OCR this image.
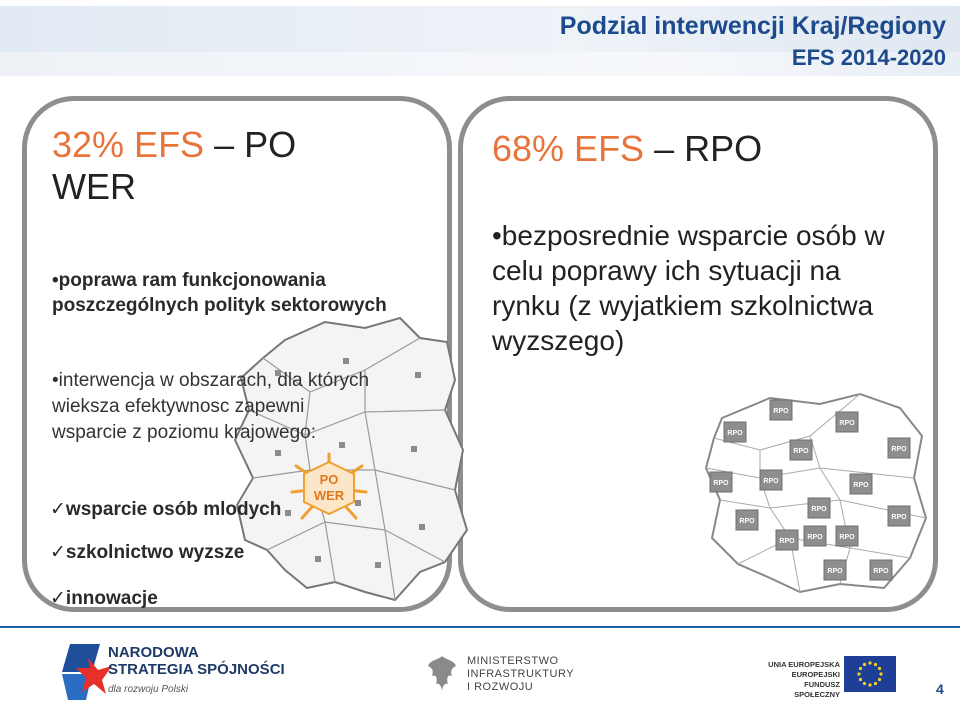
Podzial interwencji Kraj/Regiony
EFS 2014-2020
PO
WER
32% EFS – PO WER
•poprawa ram funkcjonowania poszczególnych polityk sektorowych
•interwencja w obszarach, dla których wieksza efektywnosc zapewni wsparcie z poziomu krajowego:
✓wsparcie osób mlodych
✓szkolnictwo wyzsze
✓innowacje
68% EFS – RPO
•bezposrednie wsparcie osób w celu poprawy ich sytuacji na rynku (z wyjatkiem szkolnictwa wyzszego)
RPO
RPO
RPO
RPO	RPO
RPO	RPO
RPO
RPO
RPO
RPO RPO
RPO
RPO
RPO	RPO
NARODOWA
STRATEGIA SPÓJNOŚCI
dla rozwoju Polski
MINISTERSTWO
INFRASTRUKTURY
I ROZWOJU
UNIA EUROPEJSKA
EUROPEJSKI
FUNDUSZ SPOŁECZNY	4
